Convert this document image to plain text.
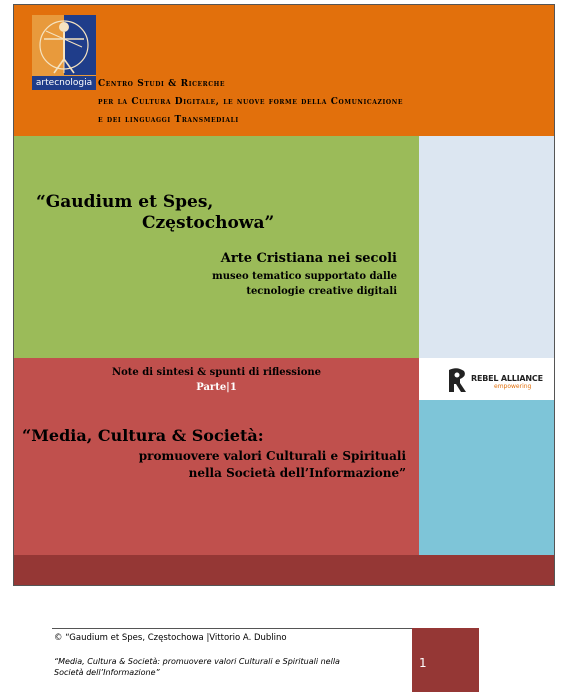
artecnologia Centro Studi & Ricerche
per la Cultura Digitale, le nuove forme della Comunicazione
e dei linguaggi Transmediali
“Gaudium et Spes,
Częstochowa”
Arte Cristiana nei secoli
museo tematico supportato dalle
tecnologie creative digitali
Note di sintesi & spunti di riflessione
Parte|1
“Media, Cultura & Società:
promuovere valori Culturali e Spirituali
nella Società dell’Informazione”
REBEL ALLIANCE
empowering
© “Gaudium et Spes, Częstochowa |Vittorio A. Dublino
“Media, Cultura & Società: promuovere valori Culturali e Spirituali nella
Società dell’Informazione”
1
